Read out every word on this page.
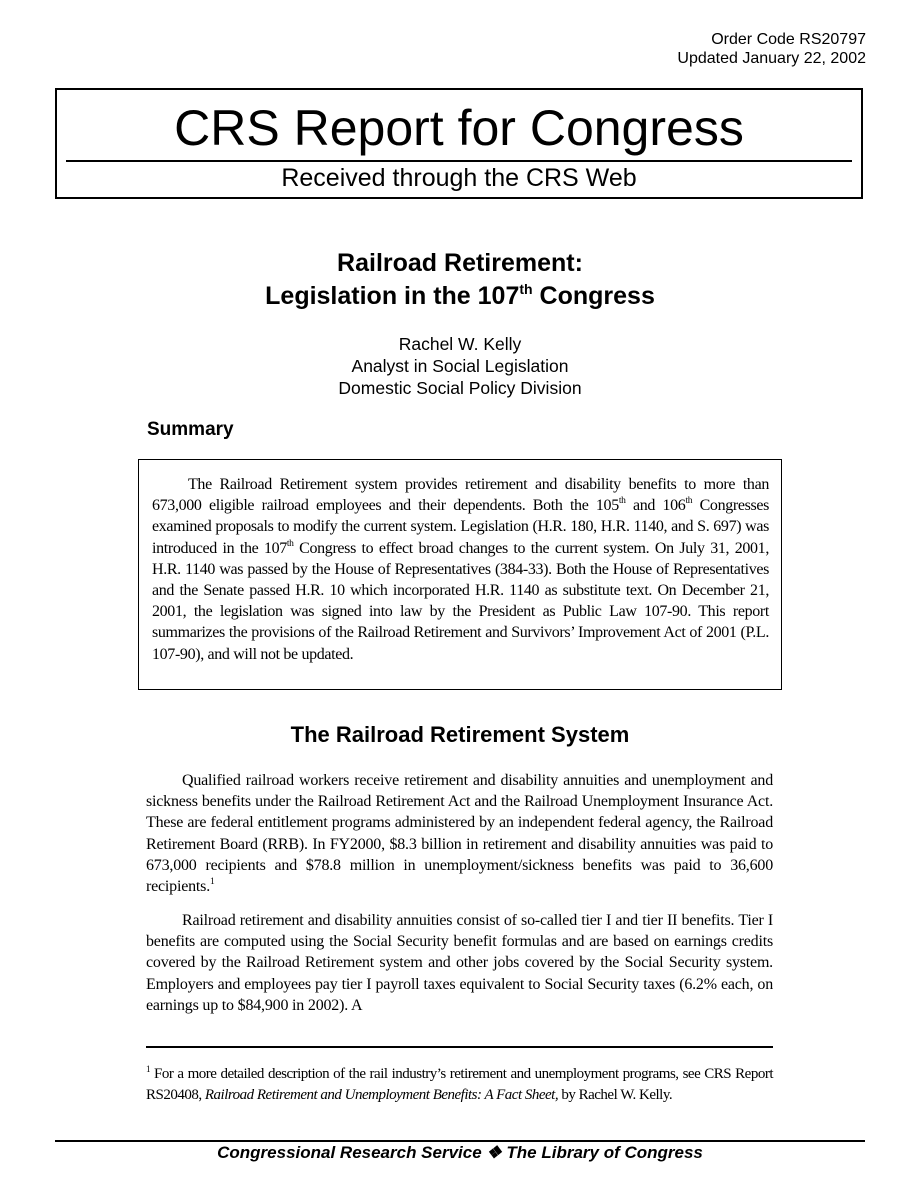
Order Code RS20797
Updated January 22, 2002
CRS Report for Congress
Received through the CRS Web
Railroad Retirement:
Legislation in the 107th Congress
Rachel W. Kelly
Analyst in Social Legislation
Domestic Social Policy Division
Summary

The Railroad Retirement system provides retirement and disability benefits to more than 673,000 eligible railroad employees and their dependents. Both the 105th and 106th Congresses examined proposals to modify the current system. Legislation (H.R. 180, H.R. 1140, and S. 697) was introduced in the 107th Congress to effect broad changes to the current system. On July 31, 2001, H.R. 1140 was passed by the House of Representatives (384-33). Both the House of Representatives and the Senate passed H.R. 10 which incorporated H.R. 1140 as substitute text. On December 21, 2001, the legislation was signed into law by the President as Public Law 107-90. This report summarizes the provisions of the Railroad Retirement and Survivors’ Improvement Act of 2001 (P.L. 107-90), and will not be updated.

The Railroad Retirement System

Qualified railroad workers receive retirement and disability annuities and unemployment and sickness benefits under the Railroad Retirement Act and the Railroad Unemployment Insurance Act. These are federal entitlement programs administered by an independent federal agency, the Railroad Retirement Board (RRB). In FY2000, $8.3 billion in retirement and disability annuities was paid to 673,000 recipients and $78.8 million in unemployment/sickness benefits was paid to 36,600 recipients.$^1$

Railroad retirement and disability annuities consist of so-called tier I and tier II benefits. Tier I benefits are computed using the Social Security benefit formulas and are based on earnings credits covered by the Railroad Retirement system and other jobs covered by the Social Security system. Employers and employees pay tier I payroll taxes equivalent to Social Security taxes (6.2% each, on earnings up to $84,900 in 2002). A

$^1$ For a more detailed description of the rail industry’s retirement and unemployment programs, see CRS Report RS20408, Railroad Retirement and Unemployment Benefits: A Fact Sheet, by Rachel W. Kelly.

Congressional Research Service ❖ The Library of Congress
